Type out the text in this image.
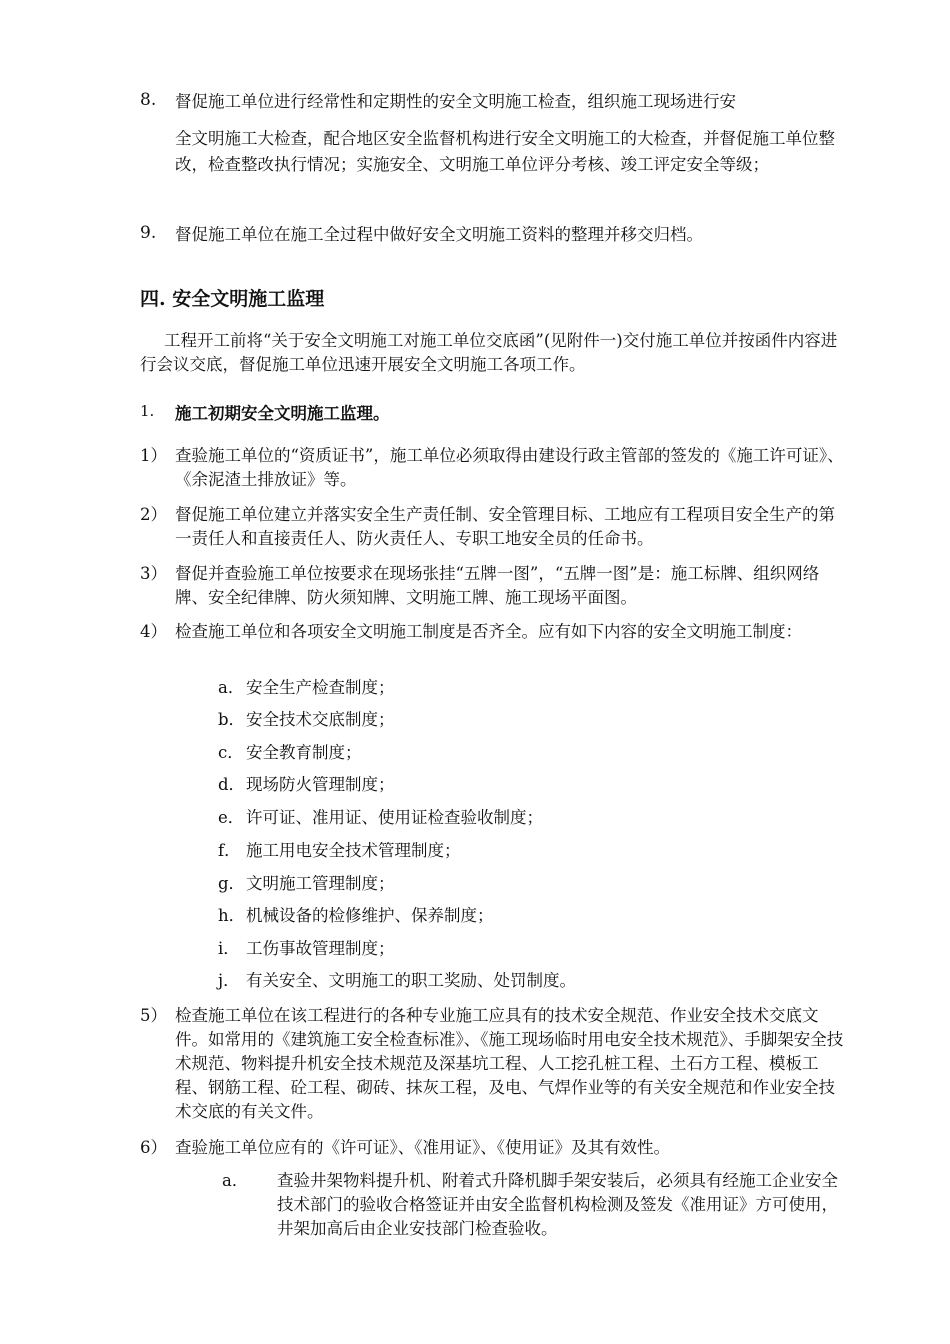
8. 督促施工单位进行经常性和定期性的安全文明施工检查，组织施工现场进行安
全文明施工大检查，配合地区安全监督机构进行安全文明施工的大检查，并督促施工单位整改，检查整改执行情况；实施安全、文明施工单位评分考核、竣工评定安全等级；
9. 督促施工单位在施工全过程中做好安全文明施工资料的整理并移交归档。
四. 安全文明施工监理
工程开工前将“关于安全文明施工对施工单位交底函”(见附件一)交付施工单位并按函件内容进行会议交底，督促施工单位迅速开展安全文明施工各项工作。
1. 施工初期安全文明施工监理。
1） 查验施工单位的“资质证书”，施工单位必须取得由建设行政主管部的签发的《施工许可证》、《余泥渣土排放证》等。
2） 督促施工单位建立并落实安全生产责任制、安全管理目标、工地应有工程项目安全生产的第一责任人和直接责任人、防火责任人、专职工地安全员的任命书。
3） 督促并查验施工单位按要求在现场张挂“五牌一图”，“五牌一图”是：施工标牌、组织网络牌、安全纪律牌、防火须知牌、文明施工牌、施工现场平面图。
4） 检查施工单位和各项安全文明施工制度是否齐全。应有如下内容的安全文明施工制度：
a． 安全生产检查制度；
b．安全技术交底制度；
c． 安全教育制度；
d．现场防火管理制度；
e． 许可证、准用证、使用证检查验收制度；
f． 施工用电安全技术管理制度；
g．文明施工管理制度；
h．机械设备的检修维护、保养制度；
i． 工伤事故管理制度；
j． 有关安全、文明施工的职工奖励、处罚制度。
5） 检查施工单位在该工程进行的各种专业施工应具有的技术安全规范、作业安全技术交底文件。如常用的《建筑施工安全检查标准》、《施工现场临时用电安全技术规范》、手脚架安全技术规范、物料提升机安全技术规范及深基坑工程、人工挖孔桩工程、土石方工程、模板工程、钢筋工程、砼工程、砌砖、抹灰工程，及电、气焊作业等的有关安全规范和作业安全技术交底的有关文件。
6） 查验施工单位应有的《许可证》、《准用证》、《使用证》及其有效性。
a． 查验井架物料提升机、附着式升降机脚手架安装后，必须具有经施工企业安全技术部门的验收合格签证并由安全监督机构检测及签发《准用证》方可使用，井架加高后由企业安技部门检查验收。
